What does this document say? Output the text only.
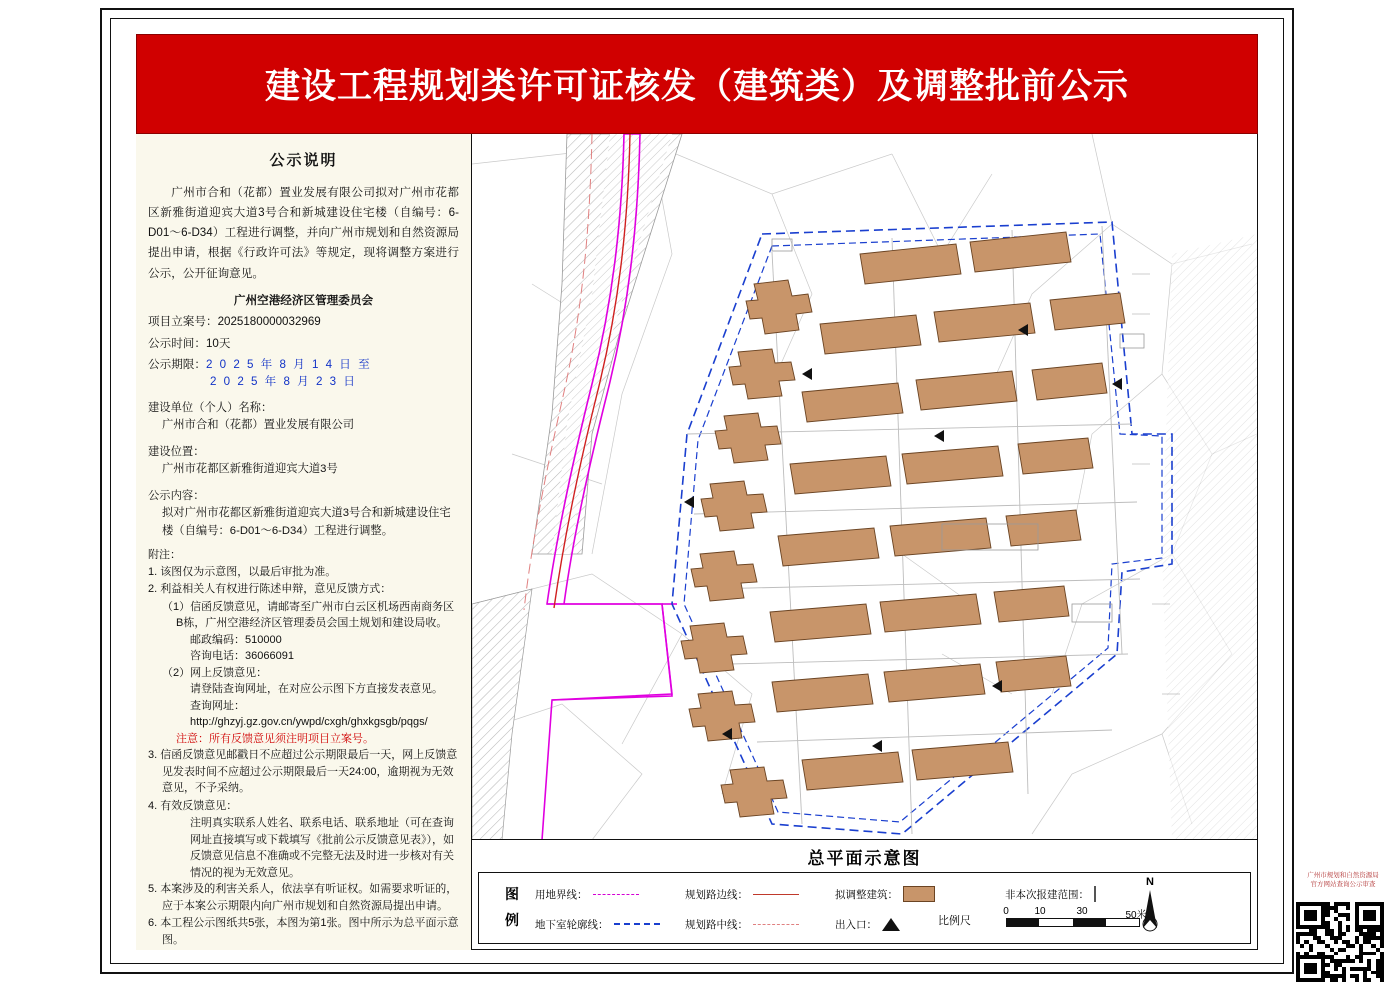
建设工程规划类许可证核发（建筑类）及调整批前公示
公示说明
广州市合和（花都）置业发展有限公司拟对广州市花都区新雅街道迎宾大道3号合和新城建设住宅楼（自编号：6-D01～6-D34）工程进行调整，并向广州市规划和自然资源局提出申请，根据《行政许可法》等规定，现将调整方案进行公示，公开征询意见。
广州空港经济区管理委员会
项目立案号：2025180000032969
公示时间：10天
公示期限：2 0 2 5 年 8 月 1 4 日 至
2 0 2 5 年 8 月 2 3 日
建设单位（个人）名称：
广州市合和（花都）置业发展有限公司
建设位置：
广州市花都区新雅街道迎宾大道3号
公示内容：
拟对广州市花都区新雅街道迎宾大道3号合和新城建设住宅楼（自编号：6-D01～6-D34）工程进行调整。
附注：
1. 该图仅为示意图，以最后审批为准。
2. 利益相关人有权进行陈述申辩，意见反馈方式：
（1）信函反馈意见，请邮寄至广州市白云区机场西南商务区B栋，广州空港经济区管理委员会国土规划和建设局收。
邮政编码：510000
咨询电话：36066091
（2）网上反馈意见：
请登陆查询网址，在对应公示图下方直接发表意见。
查询网址：
http://ghzyj.gz.gov.cn/ywpd/cxgh/ghxkgsgb/pqgs/
注意：所有反馈意见须注明项目立案号。
3. 信函反馈意见邮戳日不应超过公示期限最后一天，网上反馈意见发表时间不应超过公示期限最后一天24:00，逾期视为无效意见，不予采纳。
4. 有效反馈意见：
注明真实联系人姓名、联系电话、联系地址（可在查询网址直接填写或下载填写《批前公示反馈意见表》），如反馈意见信息不准确或不完整无法及时进一步核对有关情况的视为无效意见。
5. 本案涉及的利害关系人，依法享有听证权。如需要求听证的，应于本案公示期限内向广州市规划和自然资源局提出申请。
6. 本工程公示图纸共5张，本图为第1张。图中所示为总平面示意图。
总平面示意图
图
例
用地界线：	规划路边线：	拟调整建筑：	非本次报建范围：
地下室轮廓线：	规划路中线：	出入口：
N
比例尺
0	10	30	50米
广州市规划和自然资源局
官方网站查询公示审查
